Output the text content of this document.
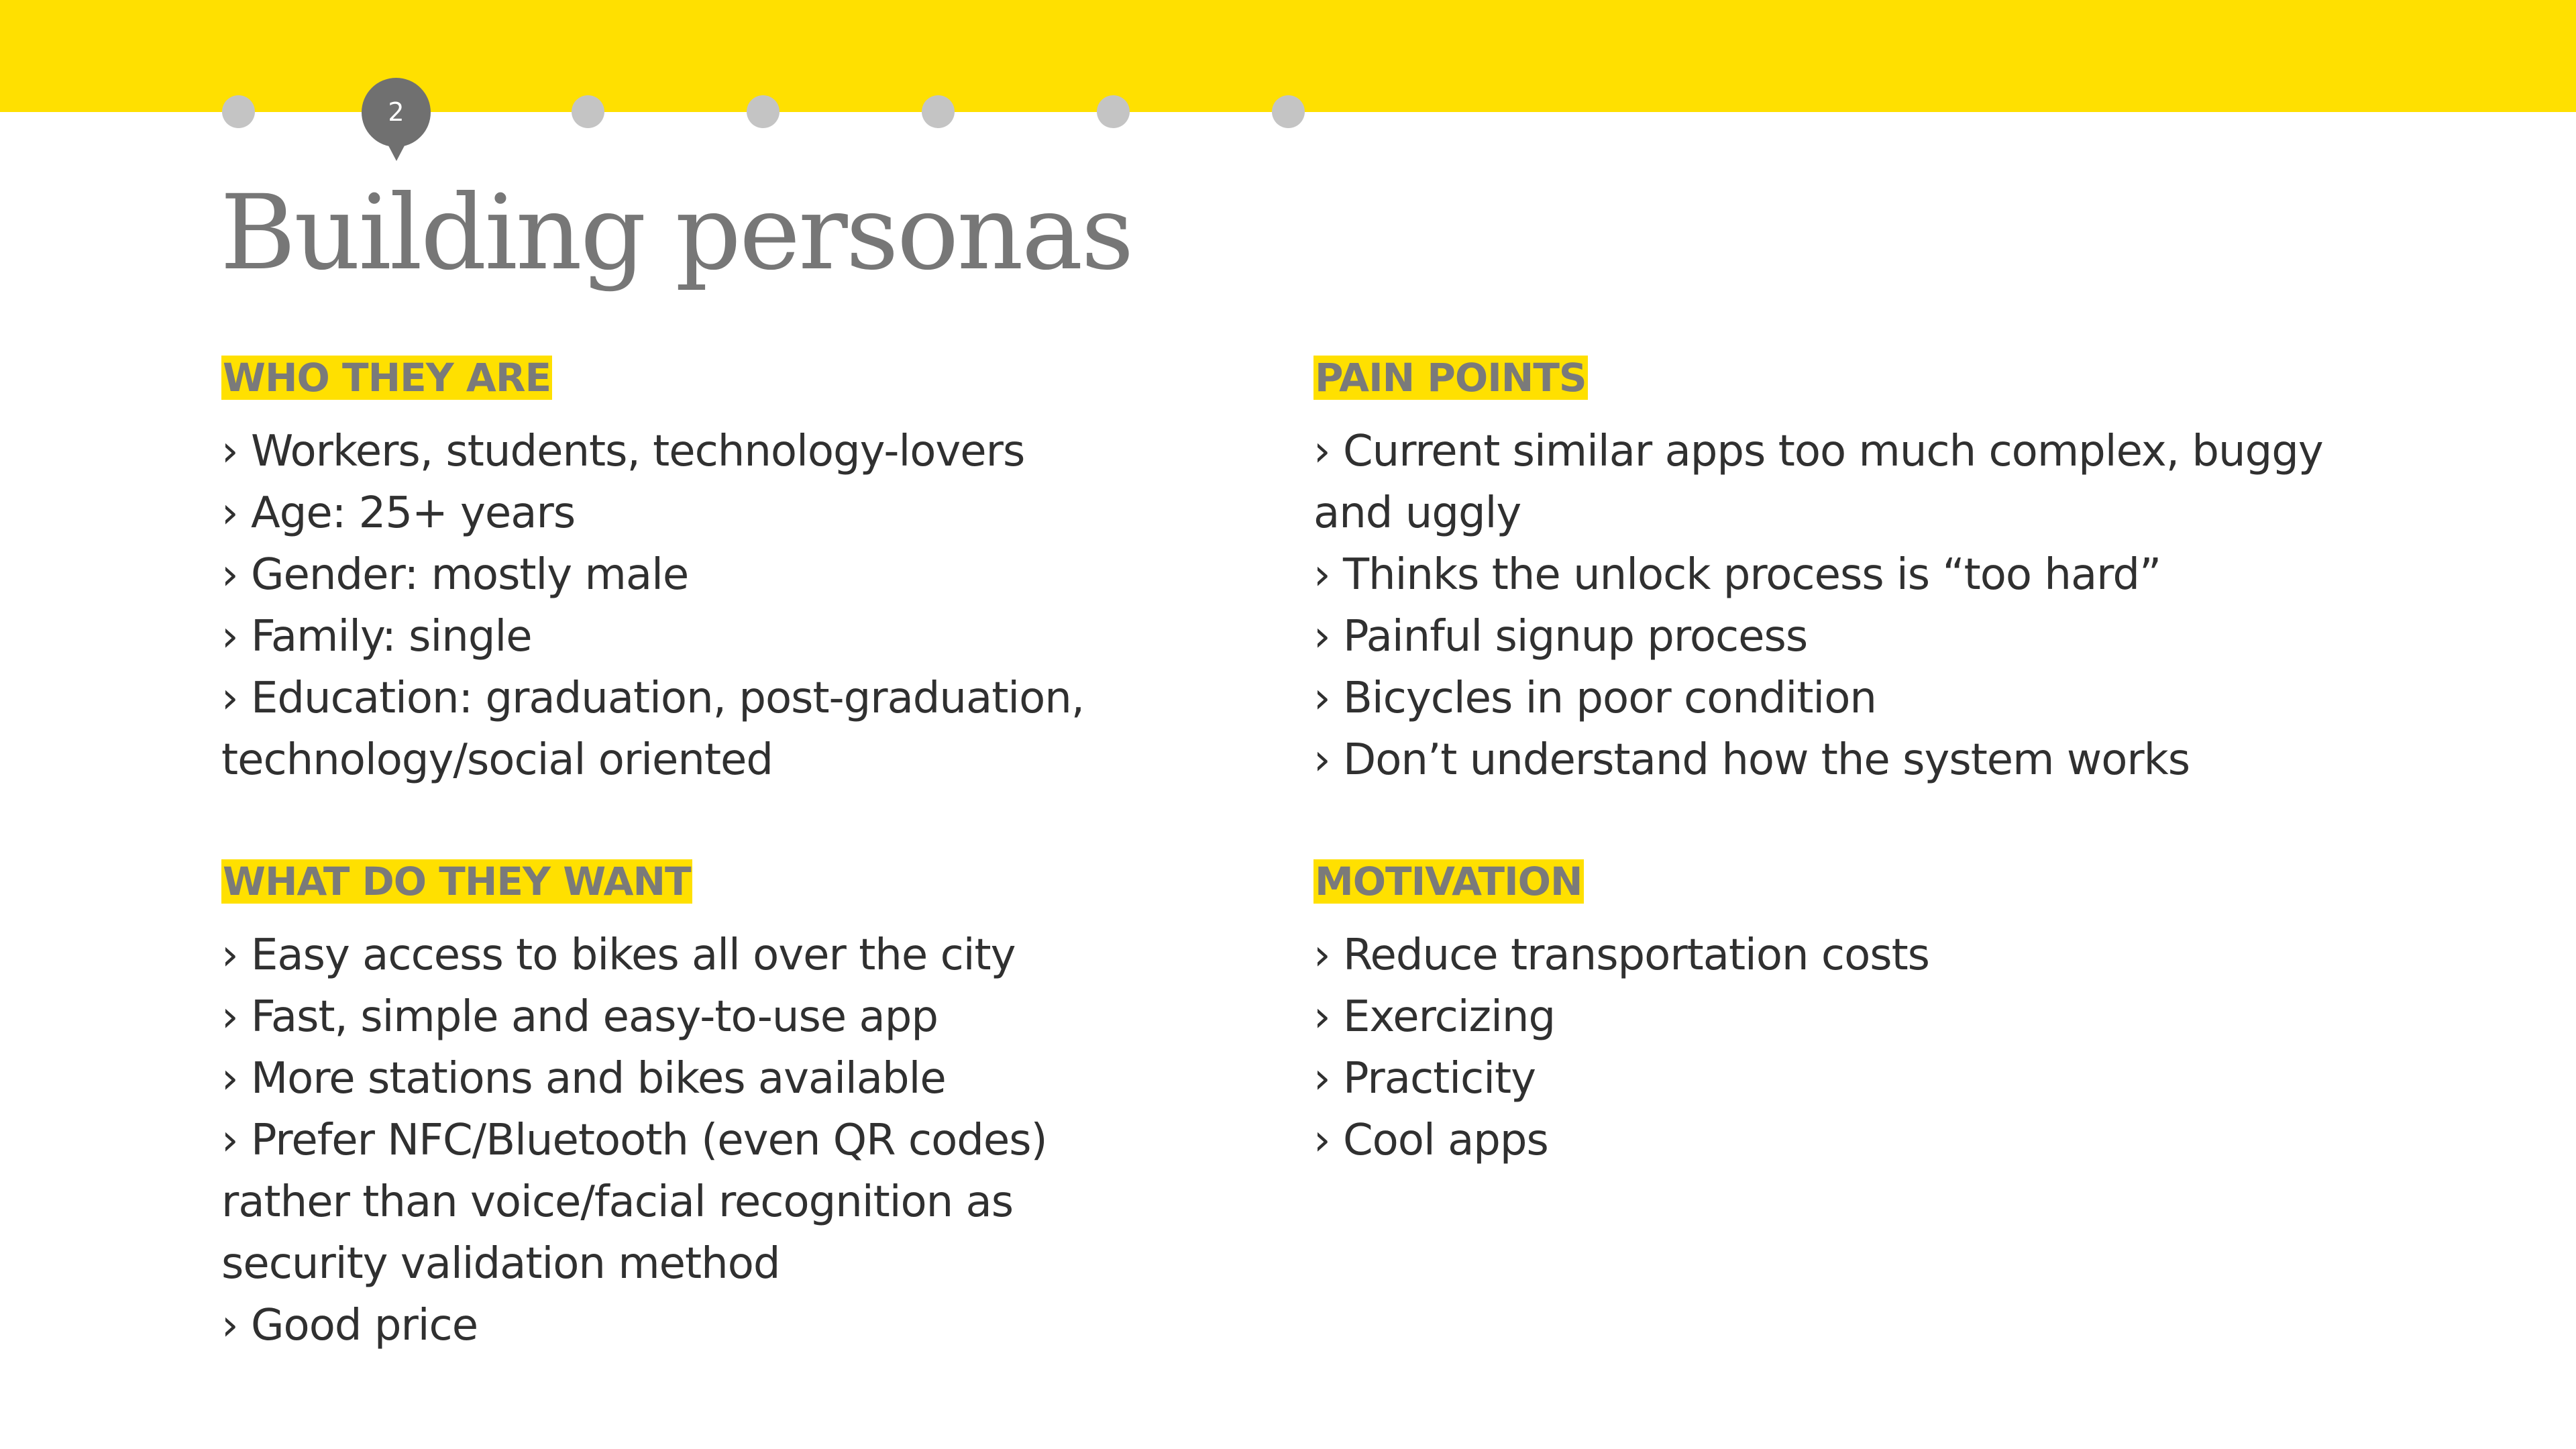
2
Building personas
WHO THEY ARE
› Workers, students, technology-lovers
› Age: 25+ years
› Gender: mostly male
› Family: single
› Education: graduation, post-graduation, technology/social oriented
PAIN POINTS
› Current similar apps too much complex, buggy and uggly
› Thinks the unlock process is “too hard”
› Painful signup process
› Bicycles in poor condition
› Don’t understand how the system works
WHAT DO THEY WANT
› Easy access to bikes all over the city
› Fast, simple and easy-to-use app
› More stations and bikes available
› Prefer NFC/Bluetooth (even QR codes) rather than voice/facial recognition as security validation method
› Good price
MOTIVATION
› Reduce transportation costs
› Exercizing
› Practicity
› Cool apps
